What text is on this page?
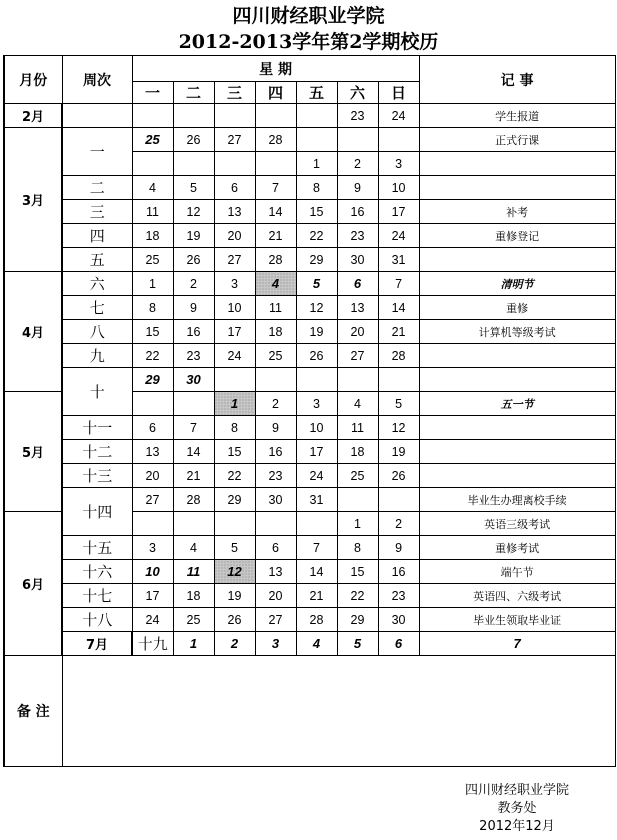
四川财经职业学院
2012-2013学年第2学期校历
月份	周次	星 期							记 事	
		一	二	三	四	五	六	日		
2月							23	24	学生报道	
3月	一	25	26	27	28				正式行课	
						1	2	3		
	二	4	5	6	7	8	9	10		
	三	11	12	13	14	15	16	17	补考	
	四	18	19	20	21	22	23	24	重修登记	
	五	25	26	27	28	29	30	31		
4月	六	1	2	3	4	5	6	7	清明节	
	七	8	9	10	11	12	13	14	重修	
	八	15	16	17	18	19	20	21	计算机等级考试	
	九	22	23	24	25	26	27	28		
	十	29	30							
5月				1	2	3	4	5	五一节	
	十一	6	7	8	9	10	11	12		
	十二	13	14	15	16	17	18	19		
	十三	20	21	22	23	24	25	26		
	十四	27	28	29	30	31			毕业生办理离校手续	
6月							1	2	英语三级考试	
	十五	3	4	5	6	7	8	9	重修考试	
	十六	10	11	12	13	14	15	16	端午节	
	十七	17	18	19	20	21	22	23	英语四、六级考试	
	十八	24	25	26	27	28	29	30	毕业生领取毕业证	
	7月	十九	1	2	3	4	5	6	7	
备 注										
四川财经职业学院
教务处
2012年12月
